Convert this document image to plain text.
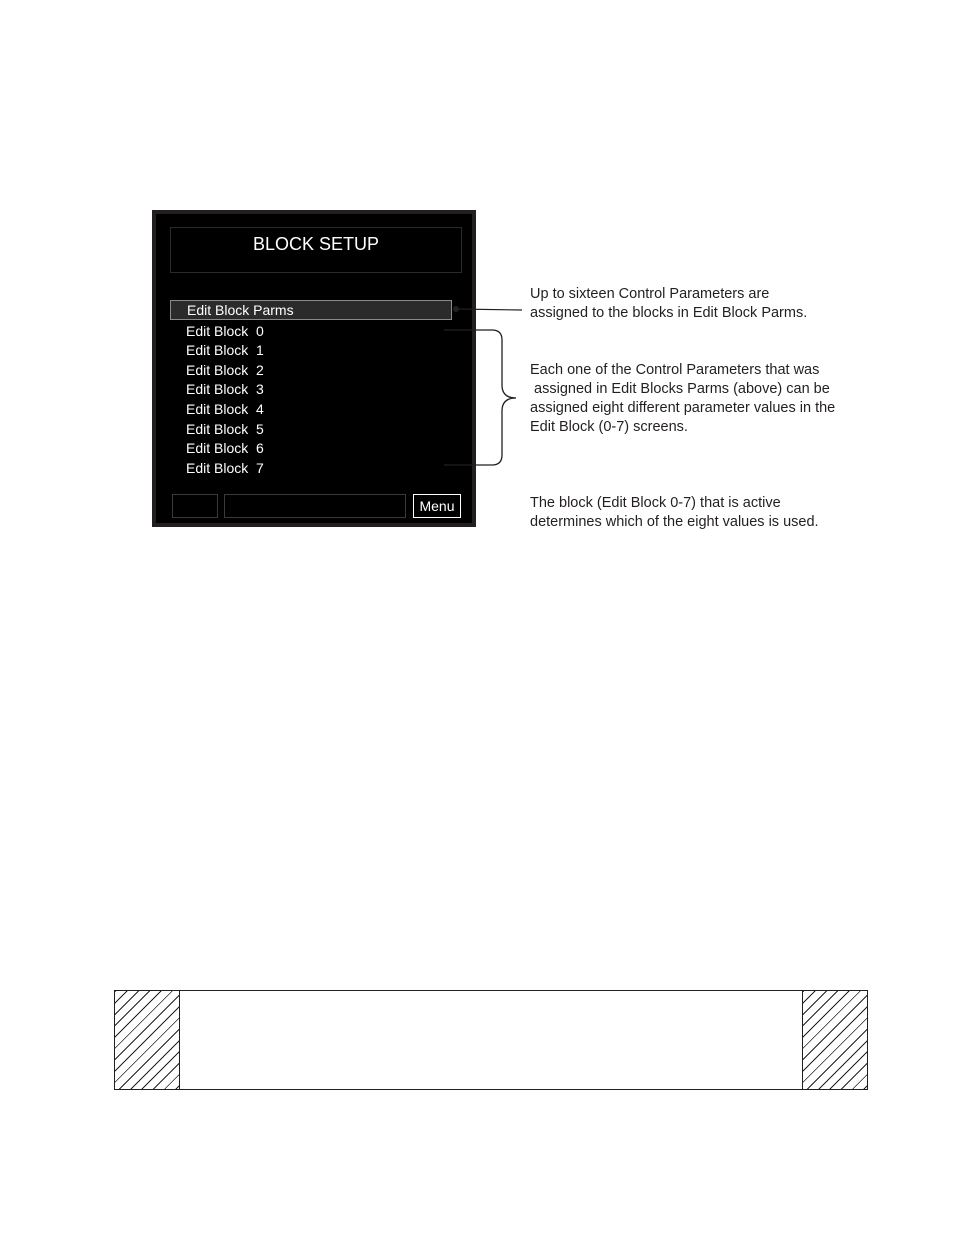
BLOCK SETUP
Edit Block Parms
Edit Block  0
Edit Block  1
Edit Block  2
Edit Block  3
Edit Block  4
Edit Block  5
Edit Block  6
Edit Block  7
Menu
Up to sixteen Control Parameters are
assigned to the blocks in Edit Block Parms.
Each one of the Control Parameters that was
assigned in Edit Blocks Parms (above) can be
assigned eight different parameter values in the
Edit Block (0-7) screens.
The block (Edit Block 0-7) that is active
determines which of the eight values is used.
